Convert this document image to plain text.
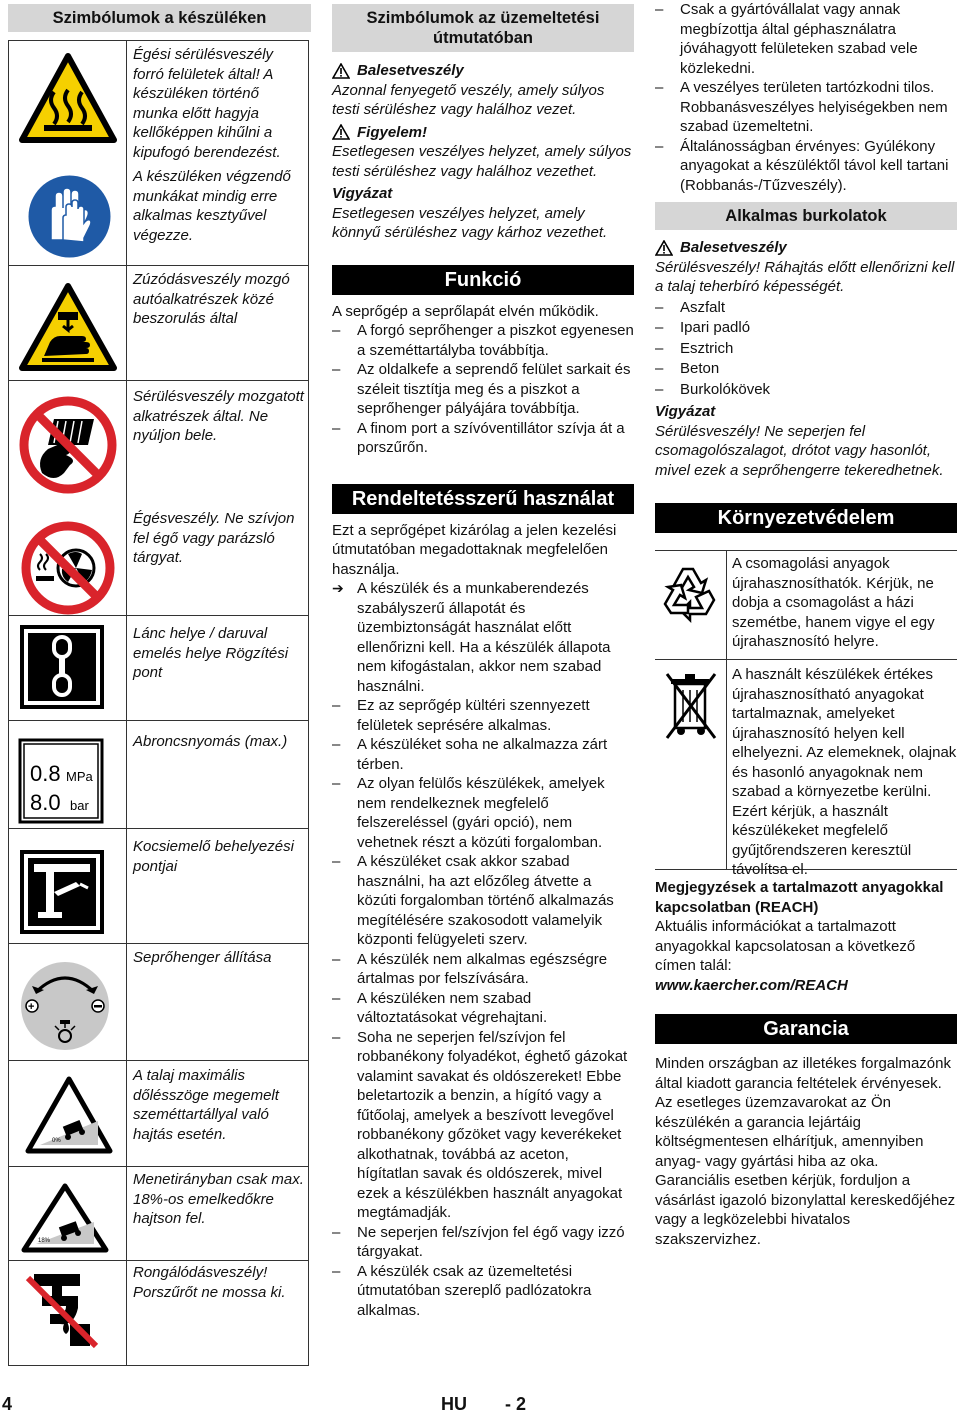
Szimbólumok a készüléken
Égési sérülésveszély forró felületek által! A készüléken történő munka előtt hagyja kellőképpen kihűlni a kipufogó berendezést.
A készüléken végzendő munkákat mindig erre alkalmas kesztyűvel végezze.
Zúzódásveszély mozgó autóalkatrészek közé beszorulás által
Sérülésveszély mozgatott alkatrészek által. Ne nyúljon bele.
Égésveszély. Ne szívjon fel égő vagy parázsló tárgyat.
Lánc helye / daruval emelés helye Rögzítési pont
Abroncsnyomás (max.)
Kocsiemelő behelyezési pontjai
Seprőhenger állítása
A talaj maximális dőlésszöge megemelt szeméttartállyal való hajtás esetén.
Menetirányban csak max. 18%-os emelkedőkre hajtson fel.
Rongálódásveszély! Porszűrőt ne mossa ki.
0.8 MPa
8.0 bar
+
0%
18%
Szimbólumok az üzemeltetési útmutatóban
Balesetveszély

Azonnal fenyegető veszély, amely súlyos testi sérüléshez vagy halálhoz vezet.

Figyelem!

Esetlegesen veszélyes helyzet, amely súlyos testi sérüléshez vagy halálhoz vezethet.

Vigyázat

Esetlegesen veszélyes helyzet, amely könnyű sérüléshez vagy kárhoz vezethet.

Funkció

A seprőgép a seprőlapát elvén működik.

– A forgó seprőhenger a piszkot egyenesen a szeméttartályba továbbítja.

– Az oldalkefe a seprendő felület sarkait és széleit tisztítja meg és a piszkot a seprőhenger pályájára továbbítja.

– A finom port a szívóventillátor szívja át a porszűrőn.

Rendeltetésszerű használat

Ezt a seprőgépet kizárólag a jelen kezelési útmutatóban megadottaknak megfelelően használja.

➔ A készülék és a munkaberendezés szabályszerű állapotát és üzembiztonságát használat előtt ellenőrizni kell. Ha a készülék állapota nem kifogástalan, akkor nem szabad használni.

– Ez az seprőgép kültéri szennyezett felületek seprésére alkalmas.

– A készüléket soha ne alkalmazza zárt térben.

– Az olyan felülős készülékek, amelyek nem rendelkeznek megfelelő felszereléssel (gyári opció), nem vehetnek részt a közúti forgalomban.

– A készüléket csak akkor szabad használni, ha azt előzőleg átvette a közúti forgalomban történő alkalmazás megítélésére szakosodott valamelyik központi felügyeleti szerv.

– A készülék nem alkalmas egészségre ártalmas por felszívására.

– A készüléken nem szabad változtatásokat végrehajtani.

– Soha ne seperjen fel/szívjon fel robbanékony folyadékot, éghető gázokat valamint savakat és oldószereket! Ebbe beletartozik a benzin, a hígító vagy a fűtőolaj, amelyek a beszívott levegővel robbanékony gőzöket vagy keverékeket alkothatnak, továbbá az aceton, hígítatlan savak és oldószerek, mivel ezek a készülékben használt anyagokat megtámadják.

– Ne seperjen fel/szívjon fel égő vagy izzó tárgyakat.

– A készülék csak az üzemeltetési útmutatóban szereplő padlózatokra alkalmas.

– Csak a gyártóvállalat vagy annak megbízottja által géphasználatra jóváhagyott felületeken szabad vele közlekedni.

– A veszélyes területen tartózkodni tilos. Robbanásveszélyes helyiségekben nem szabad üzemeltetni.

– Általánosságban érvényes: Gyúlékony anyagokat a készüléktől távol kell tartani (Robbanás-/Tűzveszély).

Alkalmas burkolatok
Balesetveszély

Sérülésveszély! Ráhajtás előtt ellenőrizni kell a talaj teherbíró képességét.

– Aszfalt

– Ipari padló

– Esztrich

– Beton

– Burkolókövek

Vigyázat

Sérülésveszély! Ne seperjen fel csomagolószalagot, drótot vagy hasonlót, mivel ezek a seprőhengerre tekeredhetnek.

Környezetvédelem

A csomagolási anyagok újrahasznosíthatók. Kérjük, ne dobja a csomagolást a házi szemétbe, hanem vigye el egy újrahasznosító helyre.

A használt készülékek értékes újrahasznosítható anyagokat tartalmaznak, amelyeket újrahasznosító helyen kell elhelyezni. Az elemeknek, olajnak és hasonló anyagoknak nem szabad a környezetbe kerülni. Ezért kérjük, a használt készülékeket megfelelő gyűjtőrendszeren keresztül távolítsa el.

Megjegyzések a tartalmazott anyagokkal kapcsolatban (REACH)

Aktuális információkat a tartalmazott anyagokkal kapcsolatosan a következő címen talál:

www.kaercher.com/REACH

Garancia

Minden országban az illetékes forgalmazónk által kiadott garancia feltételek érvényesek. Az esetleges üzemzavarokat az Ön készülékén a garancia lejártáig költségmentesen elhárítjuk, amennyiben anyag- vagy gyártási hiba az oka. Garanciális esetben kérjük, forduljon a vásárlást igazoló bizonylattal kereskedőjéhez vagy a legközelebbi hivatalos szakszervizhez.

4	HU - 2
